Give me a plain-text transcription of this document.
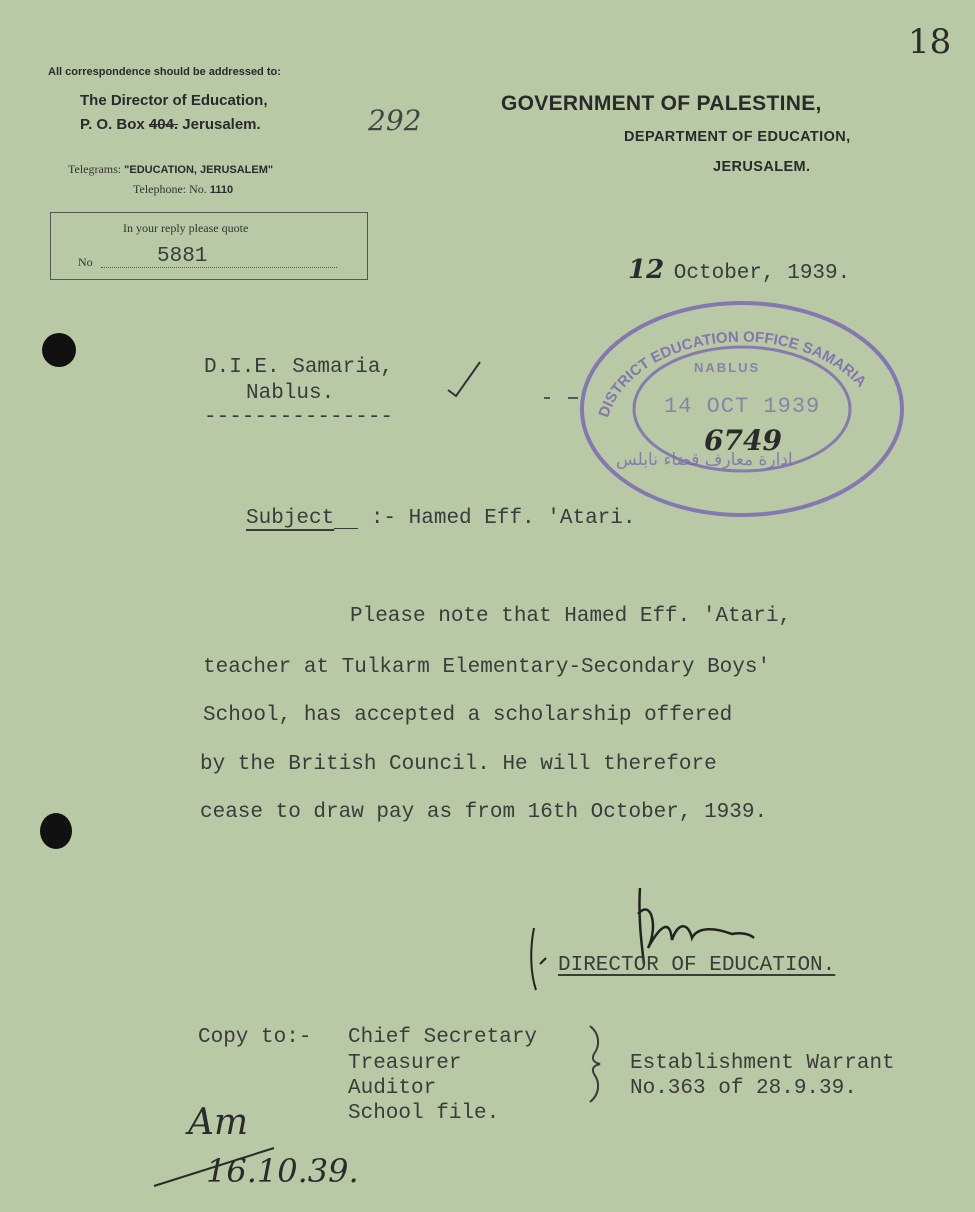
18
All correspondence should be addressed to:
The Director of Education,
P. O. Box 404. Jerusalem.	292
Telegrams: "EDUCATION, JERUSALEM"
Telephone: No. 1110
In your reply please quote
No	5881
GOVERNMENT OF PALESTINE,
DEPARTMENT OF EDUCATION,
JERUSALEM.
12 October, 1939.
D.I.E. Samaria,
Nablus.
---------------	DISTRICT EDUCATION OFFICE SAMARIA
NABLUS
14 OCT 1939
6749
ادارة معارف قضاء نابلس
Subject :- Hamed Eff. 'Atari.
Please note that Hamed Eff. 'Atari,
teacher at Tulkarm Elementary-Secondary Boys'
School, has accepted a scholarship offered
by the British Council. He will therefore
cease to draw pay as from 16th October, 1939.
DIRECTOR OF EDUCATION.
Copy to:- Chief Secretary
Treasurer
Auditor
School file.
Establishment Warrant
No.363 of 28.9.39.
Am
16.10.39.
